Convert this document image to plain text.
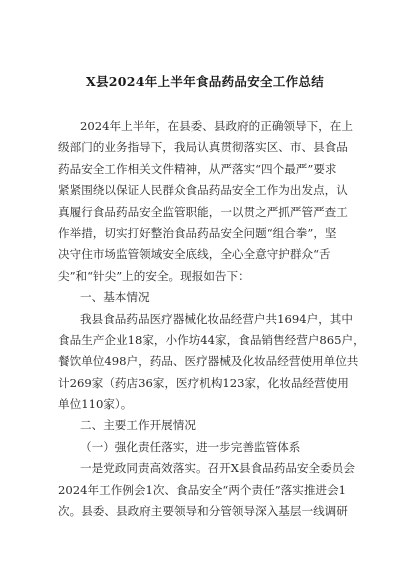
X县2024年上半年食品药品安全工作总结
2024年上半年，在县委、县政府的正确领导下，在上
级部门的业务指导下，我局认真贯彻落实区、市、县食品
药品安全工作相关文件精神，从严落实“四个最严”要求
紧紧围绕以保证人民群众食品药品安全工作为出发点，认
真履行食品药品安全监管职能，一以贯之严抓严管严查工
作举措，切实打好整治食品药品安全问题“组合拳”，坚
决守住市场监管领域安全底线，全心全意守护群众“舌
尖”和“针尖”上的安全。现报如告下：
一、基本情况
我县食品药品医疗器械化妆品经营户共1694户，其中
食品生产企业18家，小作坊44家，食品销售经营户865户，
餐饮单位498户，药品、医疗器械及化妆品经营使用单位共
计269家（药店36家，医疗机构123家，化妆品经营使用
单位110家）。
二、主要工作开展情况
（一）强化责任落实，进一步完善监管体系
一是党政同责高效落实。召开X县食品药品安全委员会
2024年工作例会1次、食品安全“两个责任”落实推进会1
次。县委、县政府主要领导和分管领导深入基层一线调研
